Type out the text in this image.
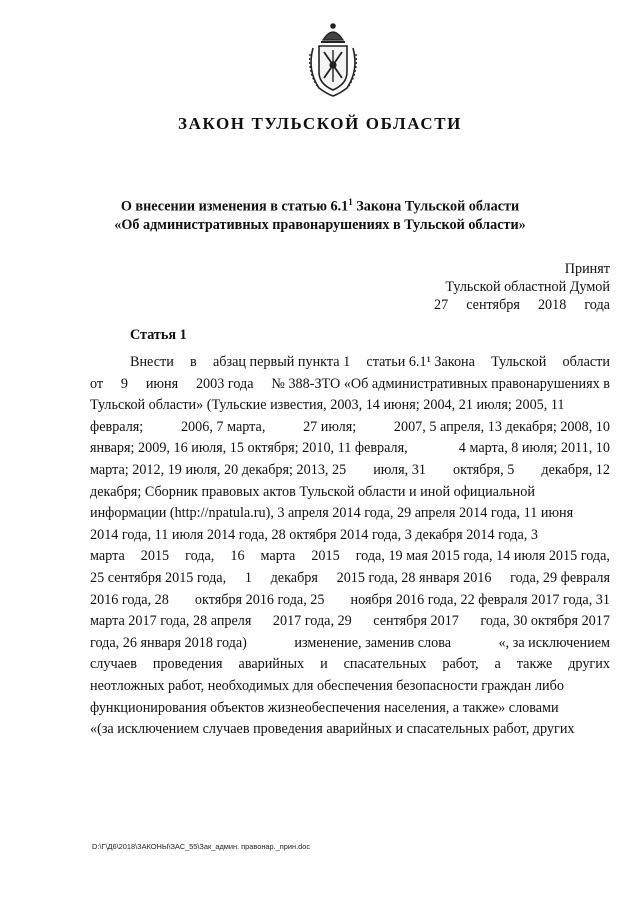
ЗАКОН ТУЛЬСКОЙ ОБЛАСТИ
О внесении изменения в статью $6.1^1$ Закона Тульской области
«Об административных правонарушениях в Тульской области»
Принят
Тульской областной Думой
27 сентября 2018 года
Статья 1
Внести в абзац первый пункта 1 статьи 6.1¹ Закона Тульской области
от 9 июня 2003 года № 388-ЗТО «Об административных правонарушениях в
Тульской области» (Тульские известия, 2003, 14 июня; 2004, 21 июля; 2005, 11
февраля;	2006, 7 марта,	27 июля;	2007, 5 апреля, 13 декабря; 2008, 10
января; 2009, 16 июля, 15 октября; 2010, 11 февраля,	4 марта, 8 июля; 2011, 10
марта; 2012, 19 июля, 20 декабря; 2013, 25 июля, 31 октября, 5 декабря, 12
декабря; Сборник правовых актов Тульской области и иной официальной
информации (http://npatula.ru), 3 апреля 2014 года, 29 апреля 2014 года, 11 июня
2014 года, 11 июля 2014 года, 28 октября 2014 года, 3 декабря 2014 года, 3
марта 2015 года, 16 марта 2015 года, 19 мая 2015 года, 14 июля 2015 года,
25 сентября 2015 года, 1 декабря 2015 года, 28 января 2016 года, 29 февраля
2016 года, 28 октября 2016 года, 25 ноября 2016 года, 22 февраля 2017 года, 31
марта 2017 года, 28 апреля 2017 года, 29 сентября 2017 года, 30 октября 2017
года, 26 января 2018 года)	изменение, заменив слова	«, за исключением
случаев проведения аварийных и спасательных работ, а также других
неотложных работ, необходимых для обеспечения безопасности граждан либо
функционирования объектов жизнеобеспечения населения, а также» словами
«(за исключением случаев проведения аварийных и спасательных работ, других
D:\Г\Д6\2018\ЗАКОНЫ\ЗАС_55\Зак_админ. правонар._прин.doc
